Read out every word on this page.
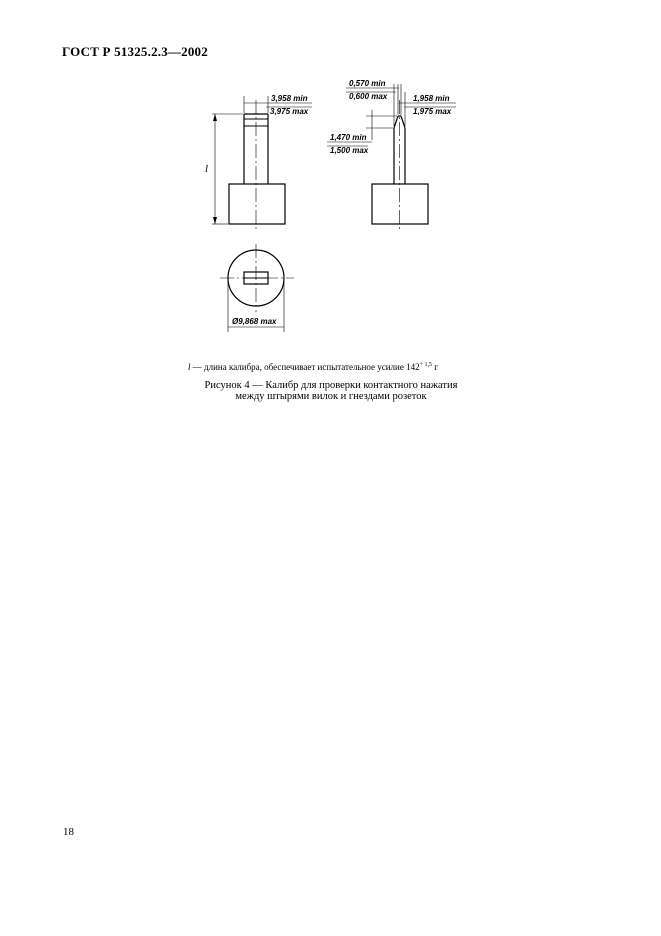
ГОСТ Р 51325.2.3—2002
3,958 min
3,975 max
l
0,570 min
0,600 max	1,958 min
1,975 max
1,470 min
1,500 max
Ø9,868 max
l — длина калибра, обеспечивает испытательное усилие $142^{+ 1,5}$ г
Рисунок 4 — Калибр для проверки контактного нажатия
между штырями вилок и гнездами розеток
18
